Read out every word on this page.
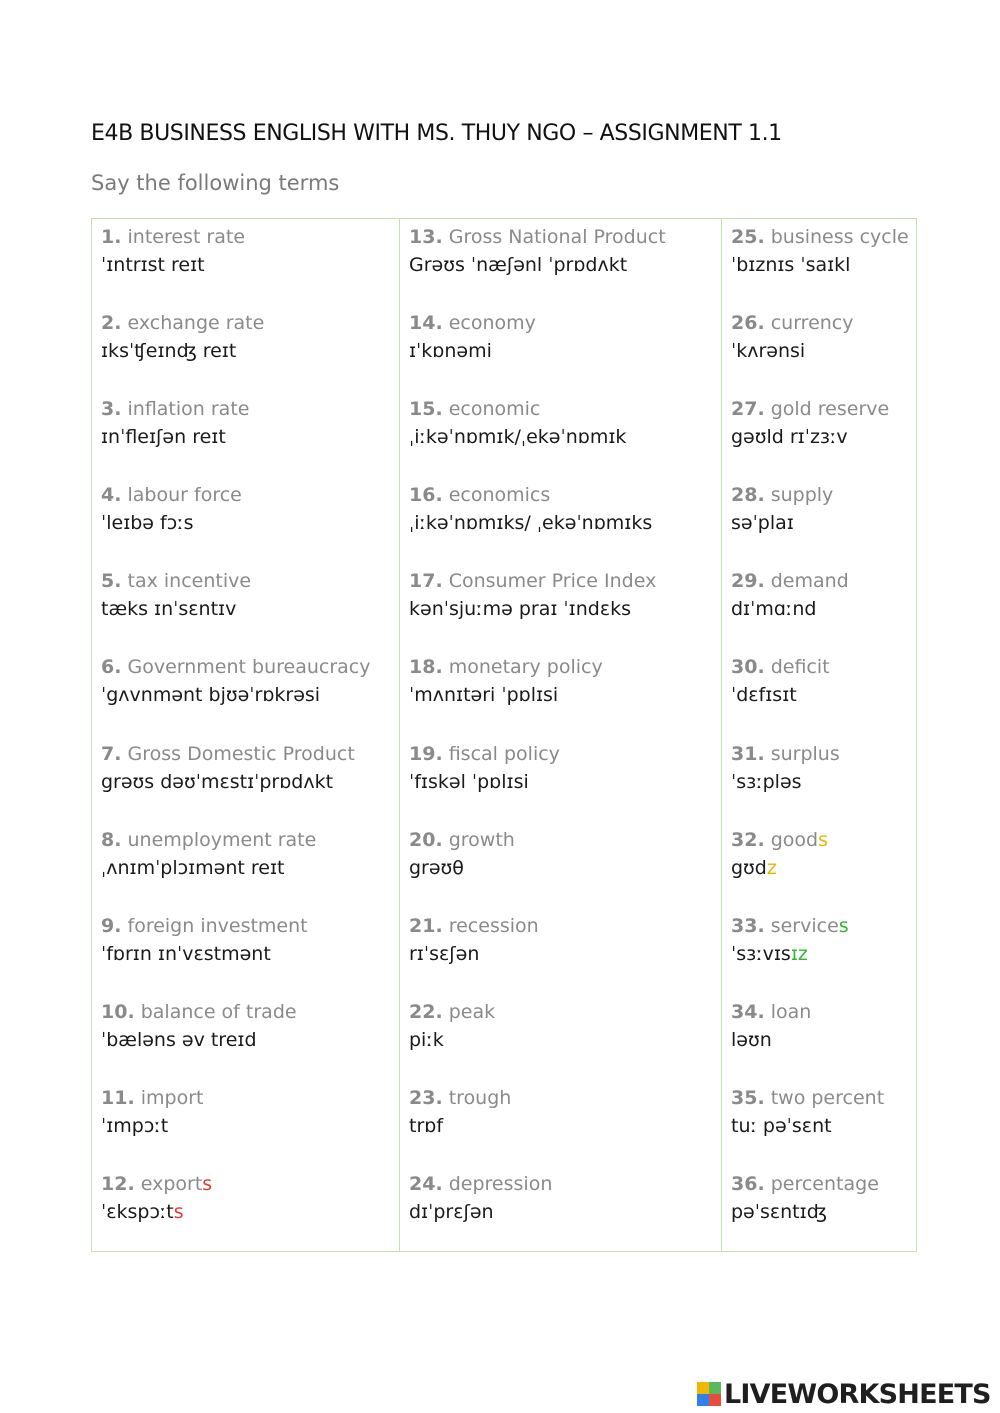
E4B BUSINESS ENGLISH WITH MS. THUY NGO – ASSIGNMENT 1.1
Say the following terms
1. interest rate
ˈɪntrɪst reɪt
2. exchange rate
ɪksˈʧeɪnʤ reɪt
3. inflation rate
ɪnˈfleɪʃən reɪt
4. labour force
ˈleɪbə fɔːs
5. tax incentive
tæks ɪnˈsɛntɪv
6. Government bureaucracy
ˈgʌvnmənt bjʊəˈrɒkrəsi
7. Gross Domestic Product
grəʊs dəʊˈmɛstɪˈprɒdʌkt
8. unemployment rate
ˌʌnɪmˈplɔɪmənt reɪt
9. foreign investment
ˈfɒrɪn ɪnˈvɛstmənt
10. balance of trade
ˈbæləns əv treɪd
11. import
ˈɪmpɔːt
12. exports
ˈɛkspɔːts
13. Gross National Product
Grəʊs ˈnæʃənl ˈprɒdʌkt
14. economy
ɪˈkɒnəmi
15. economic
ˌiːkəˈnɒmɪk/ˌekəˈnɒmɪk
16. economics
ˌiːkəˈnɒmɪks/ ˌekəˈnɒmɪks
17. Consumer Price Index
kənˈsjuːmə praɪ ˈɪndɛks
18. monetary policy
ˈmʌnɪtəri ˈpɒlɪsi
19. fiscal policy
ˈfɪskəl ˈpɒlɪsi
20. growth
grəʊθ
21. recession
rɪˈsɛʃən
22. peak
piːk
23. trough
trɒf
24. depression
dɪˈprɛʃən
25. business cycle
ˈbɪznɪs ˈsaɪkl
26. currency
ˈkʌrənsi
27. gold reserve
gəʊld rɪˈzɜːv
28. supply
səˈplaɪ
29. demand
dɪˈmɑːnd
30. deficit
ˈdɛfɪsɪt
31. surplus
ˈsɜːpləs
32. goods
gʊdz
33. services
ˈsɜːvɪsɪz
34. loan
ləʊn
35. two percent
tuː pəˈsɛnt
36. percentage
pəˈsɛntɪʤ
LIVEWORKSHEETS
